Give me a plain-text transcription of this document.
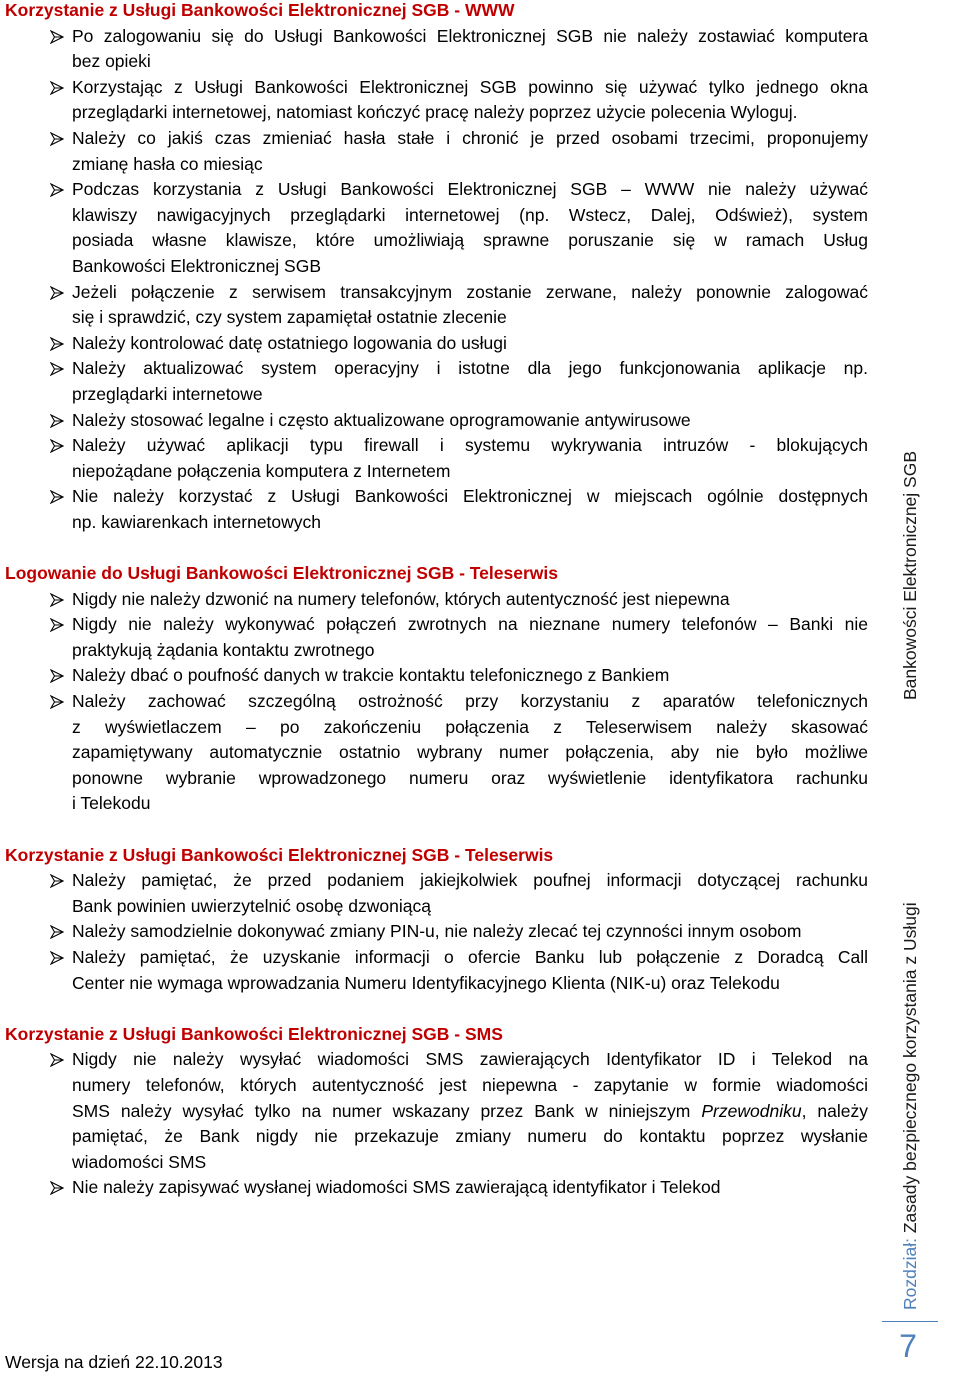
Korzystanie z Usługi Bankowości Elektronicznej SGB - WWW
Po zalogowaniu się do Usługi Bankowości Elektronicznej SGB nie należy zostawiać komputera
bez opieki
Korzystając z Usługi Bankowości Elektronicznej SGB powinno się używać tylko jednego okna
przeglądarki internetowej, natomiast kończyć pracę należy poprzez użycie polecenia Wyloguj.
Należy co jakiś czas zmieniać hasła stałe i chronić je przed osobami trzecimi, proponujemy
zmianę hasła co miesiąc
Podczas korzystania z Usługi Bankowości Elektronicznej SGB – WWW nie należy używać
klawiszy nawigacyjnych przeglądarki internetowej (np. Wstecz, Dalej, Odśwież), system
posiada własne klawisze, które umożliwiają sprawne poruszanie się w ramach Usług
Bankowości Elektronicznej SGB
Jeżeli połączenie z serwisem transakcyjnym zostanie zerwane, należy ponownie zalogować
się i sprawdzić, czy system zapamiętał ostatnie zlecenie
Należy kontrolować datę ostatniego logowania do usługi
Należy aktualizować system operacyjny i istotne dla jego funkcjonowania aplikacje np.
przeglądarki internetowe
Należy stosować legalne i często aktualizowane oprogramowanie antywirusowe
Należy używać aplikacji typu firewall i systemu wykrywania intruzów - blokujących
niepożądane połączenia komputera z Internetem
Nie należy korzystać z Usługi Bankowości Elektronicznej w miejscach ogólnie dostępnych
np. kawiarenkach internetowych
Logowanie do Usługi Bankowości Elektronicznej SGB - Teleserwis
Nigdy nie należy dzwonić na numery telefonów, których autentyczność jest niepewna
Nigdy nie należy wykonywać połączeń zwrotnych na nieznane numery telefonów – Banki nie
praktykują żądania kontaktu zwrotnego
Należy dbać o poufność danych w trakcie kontaktu telefonicznego z Bankiem
Należy zachować szczególną ostrożność przy korzystaniu z aparatów telefonicznych
z wyświetlaczem – po zakończeniu połączenia z Teleserwisem należy skasować
zapamiętywany automatycznie ostatnio wybrany numer połączenia, aby nie było możliwe
ponowne wybranie wprowadzonego numeru oraz wyświetlenie identyfikatora rachunku
i Telekodu
Korzystanie z Usługi Bankowości Elektronicznej SGB - Teleserwis
Należy pamiętać, że przed podaniem jakiejkolwiek poufnej informacji dotyczącej rachunku
Bank powinien uwierzytelnić osobę dzwoniącą
Należy samodzielnie dokonywać zmiany PIN-u, nie należy zlecać tej czynności innym osobom
Należy pamiętać, że uzyskanie informacji o ofercie Banku lub połączenie z Doradcą Call
Center nie wymaga wprowadzania Numeru Identyfikacyjnego Klienta (NIK-u) oraz Telekodu
Korzystanie z Usługi Bankowości Elektronicznej SGB - SMS
Nigdy nie należy wysyłać wiadomości SMS zawierających Identyfikator ID i Telekod na
numery telefonów, których autentyczność jest niepewna - zapytanie w formie wiadomości
SMS należy wysyłać tylko na numer wskazany przez Bank w niniejszym Przewodniku, należy
pamiętać, że Bank nigdy nie przekazuje zmiany numeru do kontaktu poprzez wysłanie
wiadomości SMS
Nie należy zapisywać wysłanej wiadomości SMS zawierającą identyfikator i Telekod
Rozdział: Zasady bezpiecznego korzystania z Usługi
Bankowości Elektronicznej SGB
7
Wersja na dzień 22.10.2013
